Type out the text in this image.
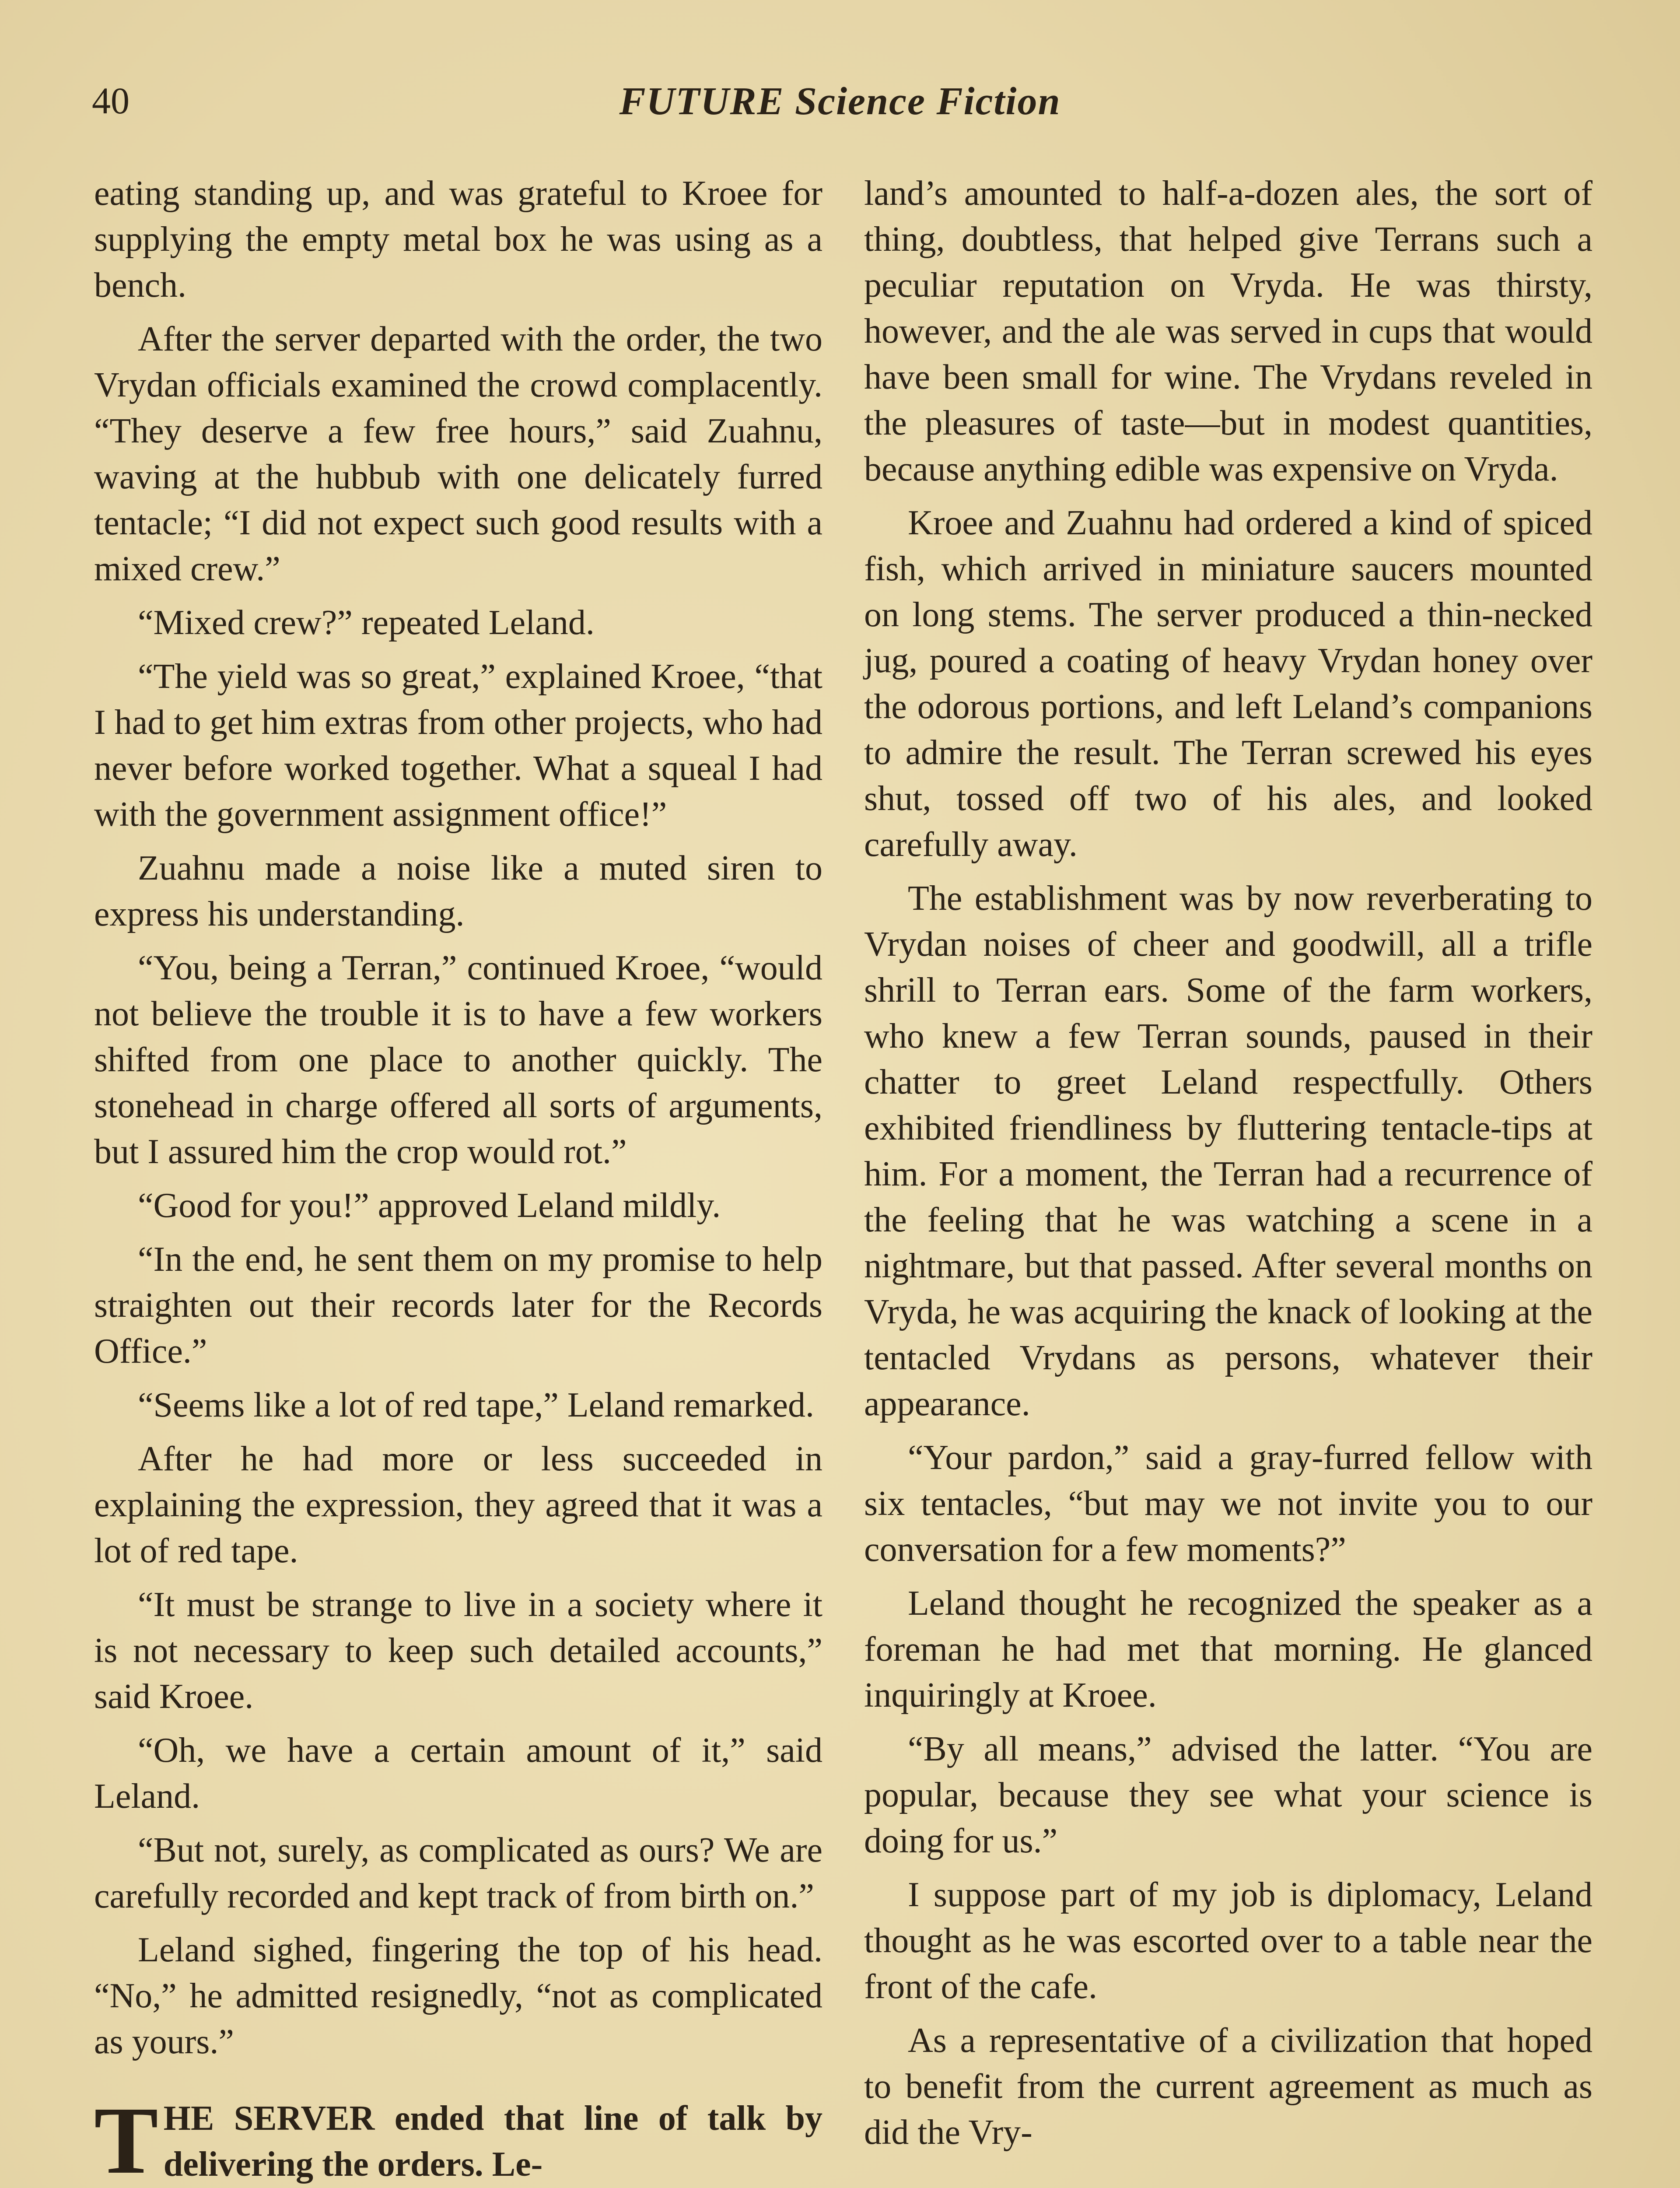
40	FUTURE Science Fiction

eating standing up, and was grateful to Kroee for supplying the empty metal box he was using as a bench.

After the server departed with the order, the two Vrydan officials examined the crowd complacently. “They deserve a few free hours,” said Zuahnu, waving at the hubbub with one delicately furred tentacle; “I did not expect such good results with a mixed crew.”

“Mixed crew?” repeated Leland.

“The yield was so great,” explained Kroee, “that I had to get him extras from other projects, who had never before worked together. What a squeal I had with the government assignment office!”

Zuahnu made a noise like a muted siren to express his understanding.

“You, being a Terran,” continued Kroee, “would not believe the trouble it is to have a few workers shifted from one place to another quickly. The stonehead in charge offered all sorts of arguments, but I assured him the crop would rot.”

“Good for you!” approved Leland mildly.

“In the end, he sent them on my promise to help straighten out their records later for the Records Office.”

“Seems like a lot of red tape,” Leland remarked.

After he had more or less succeeded in explaining the expression, they agreed that it was a lot of red tape.

“It must be strange to live in a society where it is not necessary to keep such detailed accounts,” said Kroee.

“Oh, we have a certain amount of it,” said Leland.

“But not, surely, as complicated as ours? We are carefully recorded and kept track of from birth on.”

Leland sighed, fingering the top of his head. “No,” he admitted resignedly, “not as complicated as yours.”

THE SERVER ended that line of talk by delivering the orders. Le-

land’s amounted to half-a-dozen ales, the sort of thing, doubtless, that helped give Terrans such a peculiar reputation on Vryda. He was thirsty, however, and the ale was served in cups that would have been small for wine. The Vrydans reveled in the pleasures of taste—but in modest quantities, because anything edible was expensive on Vryda.

Kroee and Zuahnu had ordered a kind of spiced fish, which arrived in miniature saucers mounted on long stems. The server produced a thin-necked jug, poured a coating of heavy Vrydan honey over the odorous portions, and left Leland’s companions to admire the result. The Terran screwed his eyes shut, tossed off two of his ales, and looked carefully away.

The establishment was by now reverberating to Vrydan noises of cheer and goodwill, all a trifle shrill to Terran ears. Some of the farm workers, who knew a few Terran sounds, paused in their chatter to greet Leland respectfully. Others exhibited friendliness by fluttering tentacle-tips at him. For a moment, the Terran had a recurrence of the feeling that he was watching a scene in a nightmare, but that passed. After several months on Vryda, he was acquiring the knack of looking at the tentacled Vrydans as persons, whatever their appearance.

“Your pardon,” said a gray-furred fellow with six tentacles, “but may we not invite you to our conversation for a few moments?”

Leland thought he recognized the speaker as a foreman he had met that morning. He glanced inquiringly at Kroee.

“By all means,” advised the latter. “You are popular, because they see what your science is doing for us.”

I suppose part of my job is diplomacy, Leland thought as he was escorted over to a table near the front of the cafe.

As a representative of a civilization that hoped to benefit from the current agreement as much as did the Vry-
